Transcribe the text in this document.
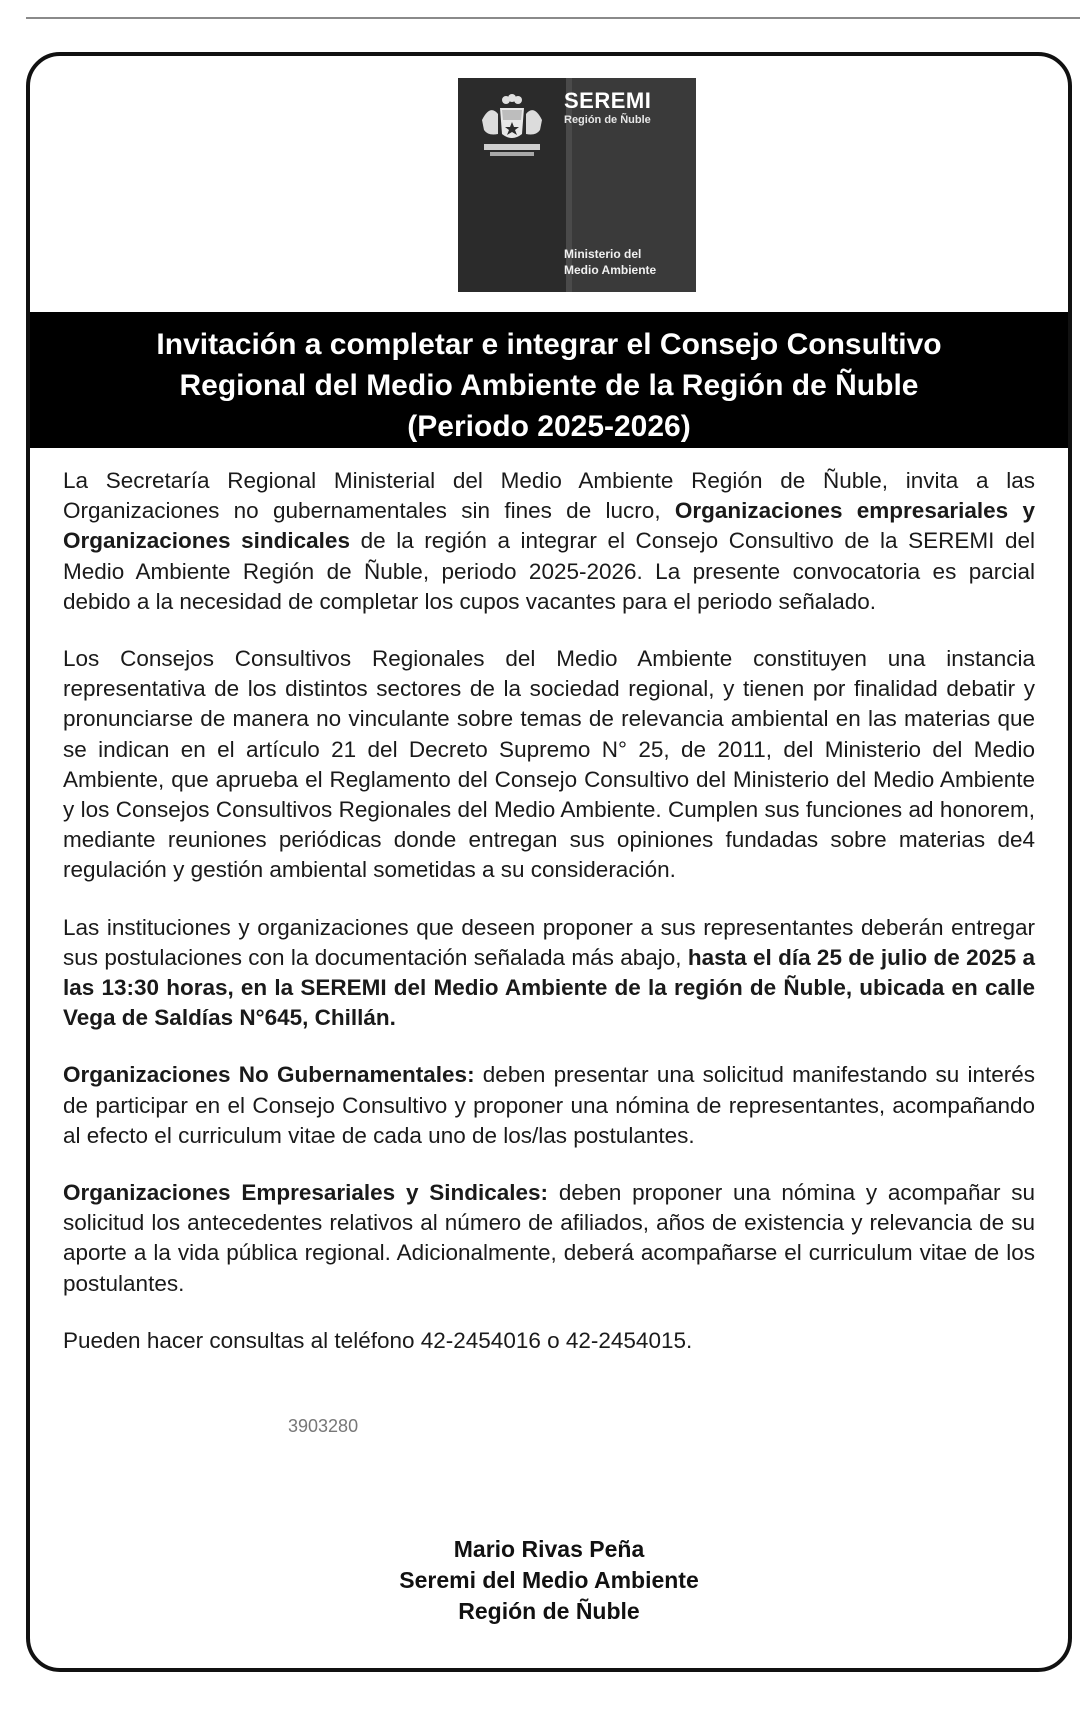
SEREMI
Región de Ñuble
Ministerio del
Medio Ambiente
Invitación a completar e integrar el Consejo Consultivo
Regional del Medio Ambiente de la Región de Ñuble
(Periodo 2025-2026)

La Secretaría Regional Ministerial del Medio Ambiente Región de Ñuble, invita a las Organizaciones no gubernamentales sin fines de lucro, Organizaciones empresariales y Organizaciones sindicales de la región a integrar el Consejo Consultivo de la SEREMI del Medio Ambiente Región de Ñuble, periodo 2025-2026. La presente convocatoria es parcial debido a la necesidad de completar los cupos vacantes para el periodo señalado.

Los Consejos Consultivos Regionales del Medio Ambiente constituyen una instancia representativa de los distintos sectores de la sociedad regional, y tienen por finalidad debatir y pronunciarse de manera no vinculante sobre temas de relevancia ambiental en las materias que se indican en el artículo 21 del Decreto Supremo N° 25, de 2011, del Ministerio del Medio Ambiente, que aprueba el Reglamento del Consejo Consultivo del Ministerio del Medio Ambiente y los Consejos Consultivos Regionales del Medio Ambiente. Cumplen sus funciones ad honorem, mediante reuniones periódicas donde entregan sus opiniones fundadas sobre materias de4 regulación y gestión ambiental sometidas a su consideración.

Las instituciones y organizaciones que deseen proponer a sus representantes deberán entregar sus postulaciones con la documentación señalada más abajo, hasta el día 25 de julio de 2025 a las 13:30 horas, en la SEREMI del Medio Ambiente de la región de Ñuble, ubicada en calle Vega de Saldías N°645, Chillán.

Organizaciones No Gubernamentales: deben presentar una solicitud manifestando su interés de participar en el Consejo Consultivo y proponer una nómina de representantes, acompañando al efecto el curriculum vitae de cada uno de los/las postulantes.

Organizaciones Empresariales y Sindicales: deben proponer una nómina y acompañar su solicitud los antecedentes relativos al número de afiliados, años de existencia y relevancia de su aporte a la vida pública regional. Adicionalmente, deberá acompañarse el curriculum vitae de los postulantes.

Pueden hacer consultas al teléfono 42-2454016 o 42-2454015.

3903280
Mario Rivas Peña
Seremi del Medio Ambiente
Región de Ñuble
